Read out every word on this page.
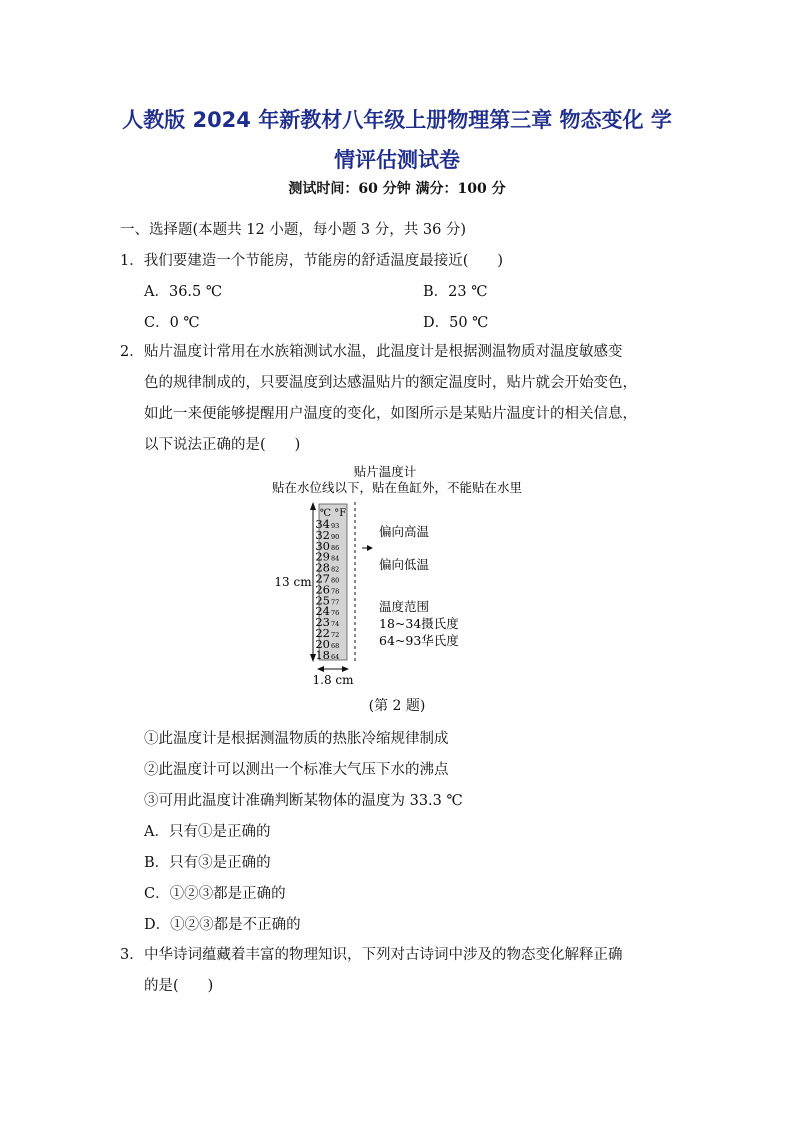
人教版 2024 年新教材八年级上册物理第三章 物态变化 学
情评估测试卷
测试时间：60 分钟 满分：100 分
一、选择题(本题共 12 小题，每小题 3 分，共 36 分)
1．我们要建造一个节能房，节能房的舒适温度最接近(　　)
A．36.5 ℃	B．23 ℃
C．0 ℃	D．50 ℃
2．贴片温度计常用在水族箱测试水温，此温度计是根据测温物质对温度敏感变
色的规律制成的，只要温度到达感温贴片的额定温度时，贴片就会开始变色，
如此一来便能够提醒用户温度的变化，如图所示是某贴片温度计的相关信息，
以下说法正确的是(　　)
贴片温度计
贴在水位线以下，贴在鱼缸外，不能贴在水里
13 cm
℃ °F
34 93
32 90
30 86
29 84
28 82
27 80
26 78
25 77
24 76
23 74
22 72
20 68
18 64
偏向高温
偏向低温
温度范围
18~34摄氏度
64~93华氏度
1.8 cm
(第 2 题)
①此温度计是根据测温物质的热胀冷缩规律制成
②此温度计可以测出一个标准大气压下水的沸点
③可用此温度计准确判断某物体的温度为 33.3 ℃
A．只有①是正确的
B．只有③是正确的
C．①②③都是正确的
D．①②③都是不正确的
3．中华诗词蕴藏着丰富的物理知识，下列对古诗词中涉及的物态变化解释正确
的是(　　)
